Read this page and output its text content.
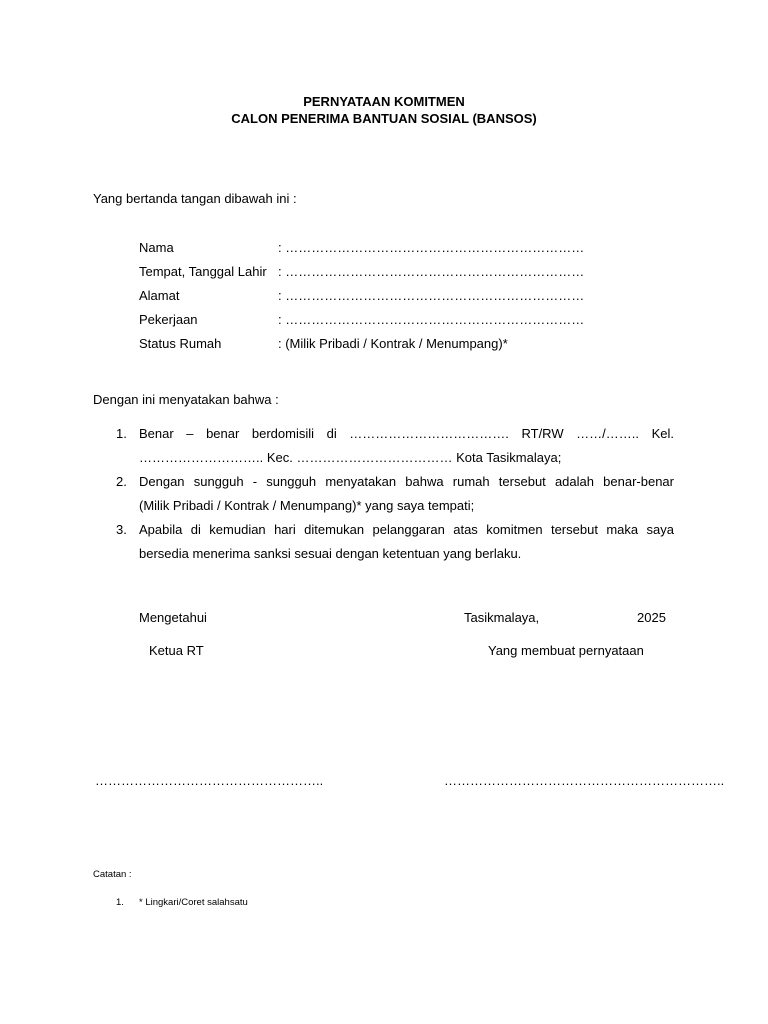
PERNYATAAN KOMITMEN
CALON PENERIMA BANTUAN SOSIAL (BANSOS)
Yang bertanda tangan dibawah ini :
Nama	: ……………………………………………………………
Tempat, Tanggal Lahir : ……………………………………………………………
Alamat	: ……………………………………………………………
Pekerjaan	: ……………………………………………………………
Status Rumah	: (Milik Pribadi / Kontrak / Menumpang)*
Dengan ini menyatakan bahwa :
1. Benar – benar berdomisili di ………………………………. RT/RW ……/…….. Kel.
……………………….. Kec. ……………………………… Kota Tasikmalaya;
2. Dengan sungguh - sungguh menyatakan bahwa rumah tersebut adalah benar-benar
(Milik Pribadi / Kontrak / Menumpang)* yang saya tempati;
3. Apabila di kemudian hari ditemukan pelanggaran atas komitmen tersebut maka saya
bersedia menerima sanksi sesuai dengan ketentuan yang berlaku.
Mengetahui	Tasikmalaya,	2025
Ketua RT	Yang membuat pernyataan
……………………………………………..	………………………………………………………..
Catatan :
1. * Lingkari/Coret salahsatu
